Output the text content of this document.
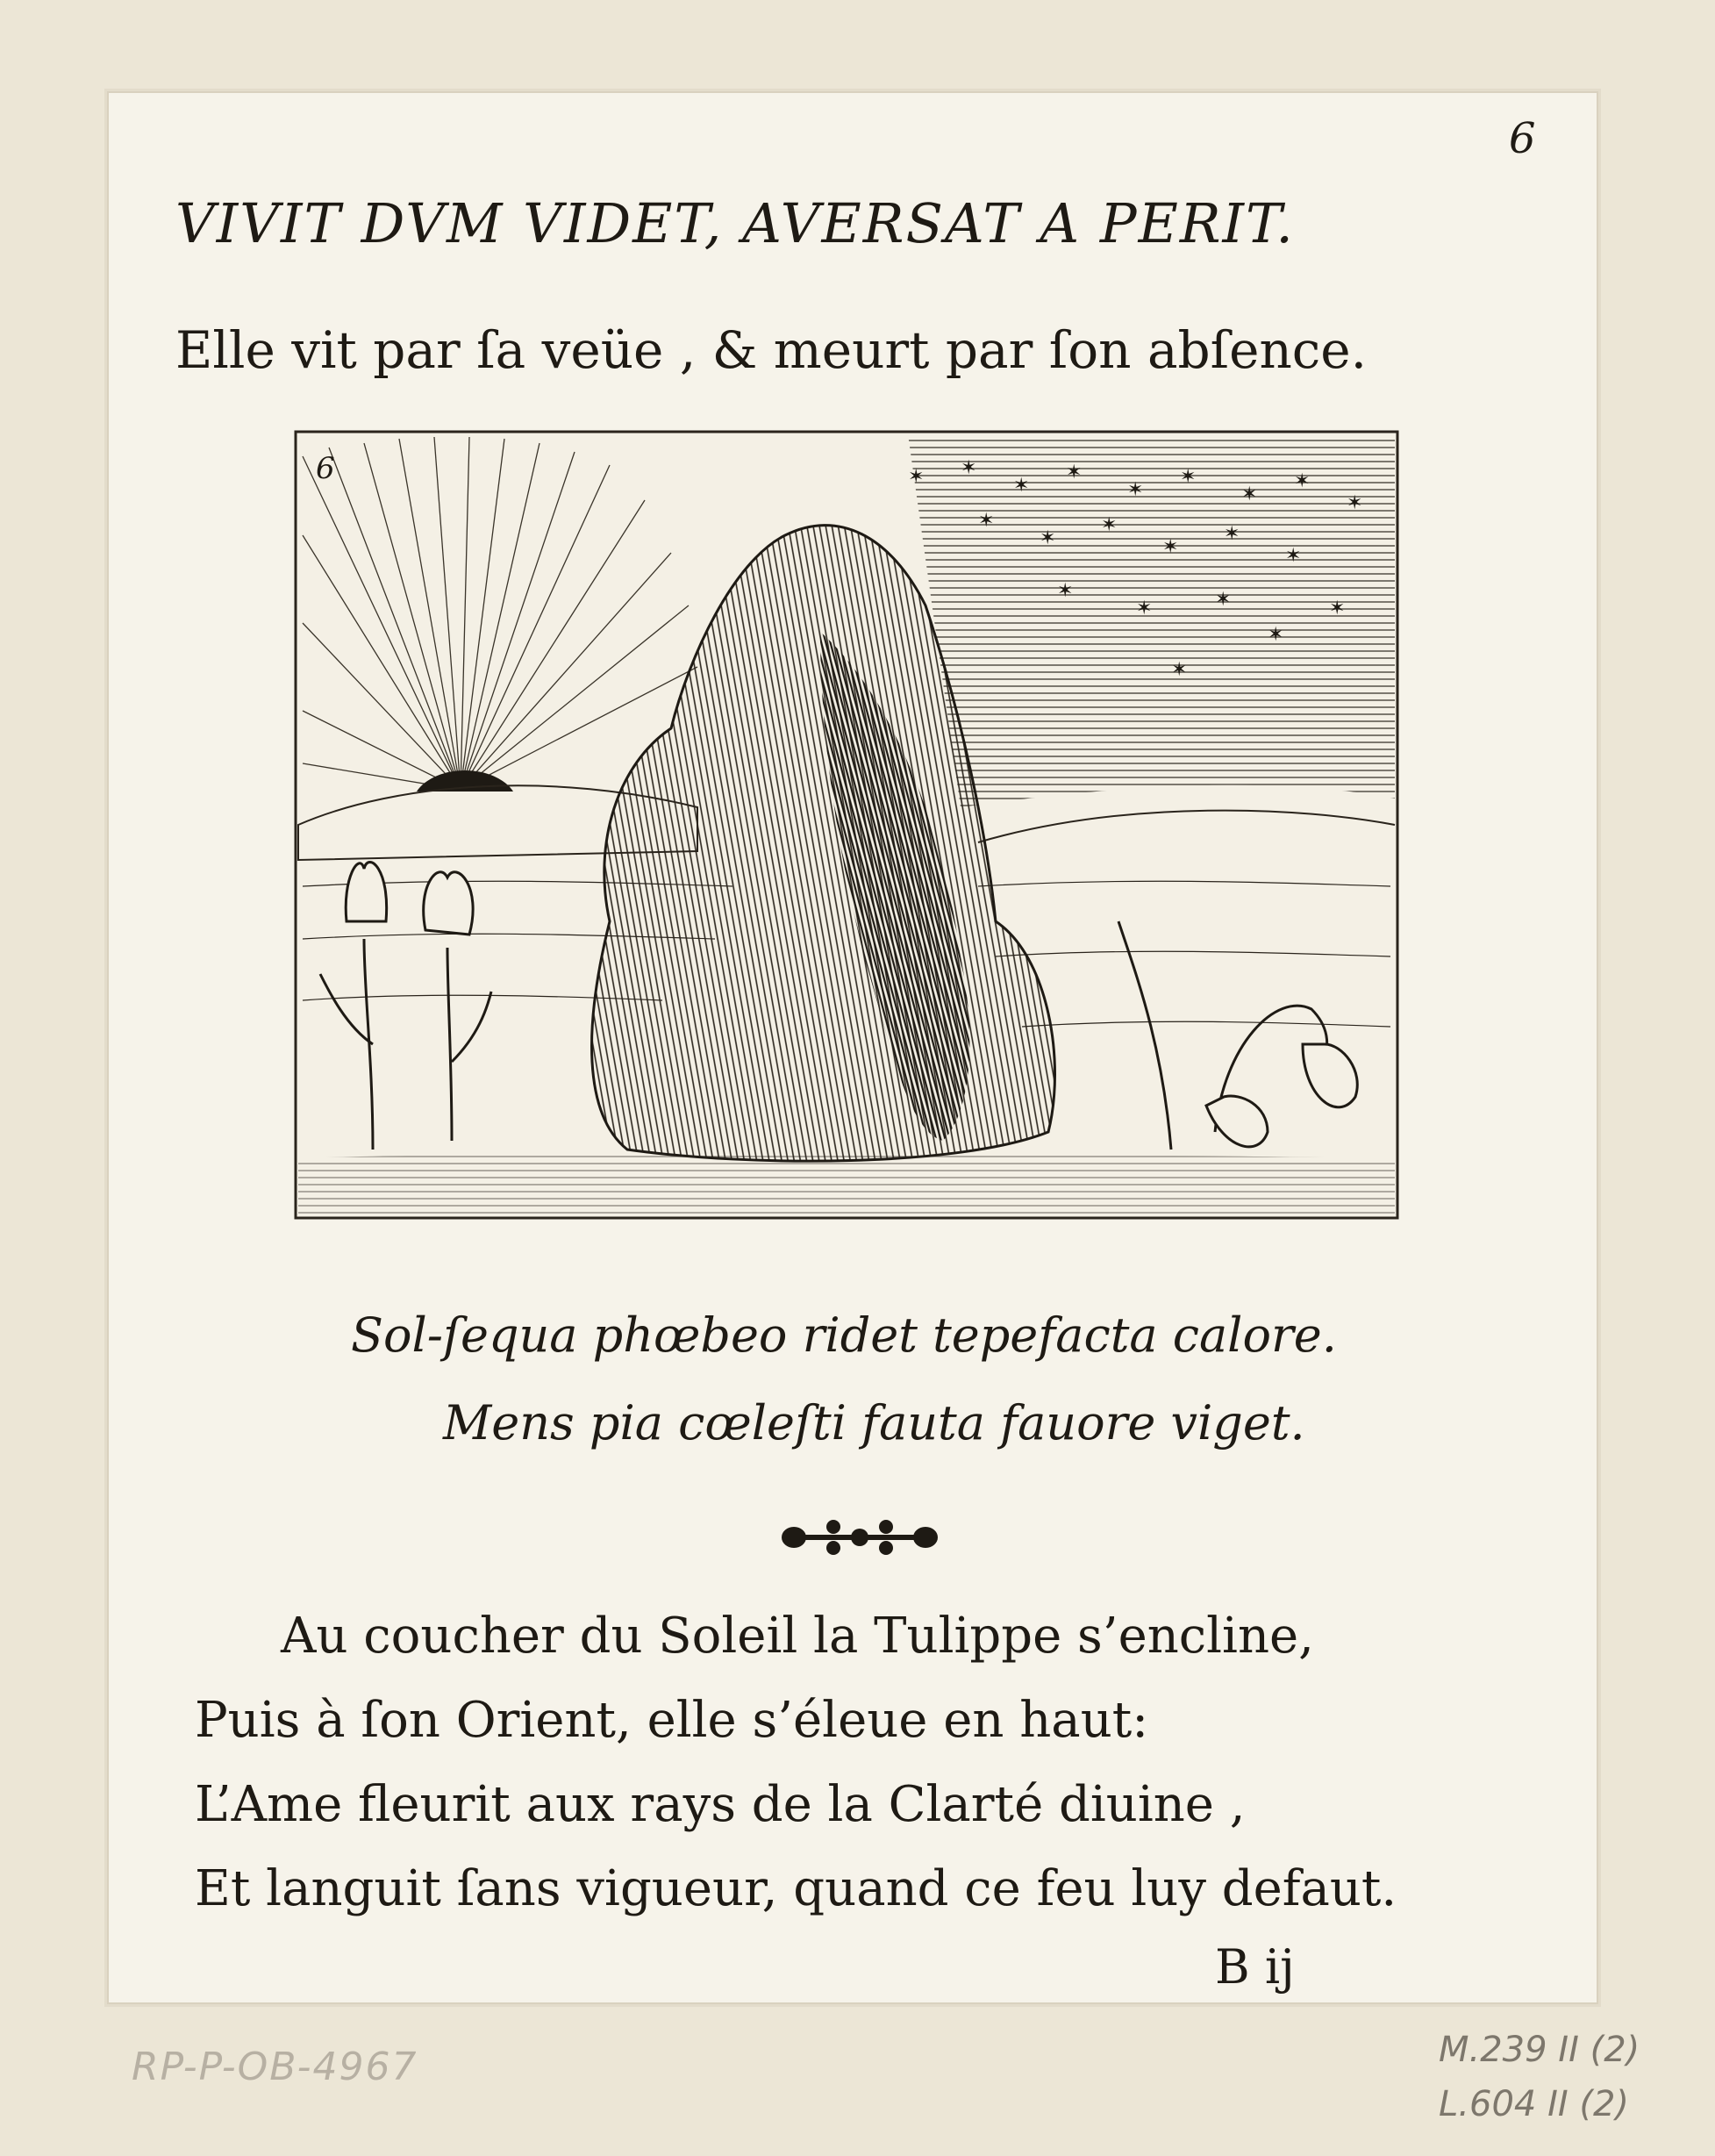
6
VIVIT DVM VIDET, AVERSAT A PERIT.
Elle vit par ſa veüe , & meurt par ſon abſence.
✶ ✶
✶
✶
✶
✶
✶
✶
✶
✶
✶
✶
✶
✶
✶
✶
✶	✶
✶
✶
✶
6
Sol-ſequa phœbeo ridet tepefacta calore.
Mens pia cœleſti fauta fauore viget.
Au coucher du Soleil la Tulippe s’encline,
Puis à ſon Orient, elle s’éleue en haut:
L’Ame fleurit aux rays de la Clarté diuine ,
Et languit ſans vigueur, quand ce feu luy defaut.
B ij
RP-P-OB-4967	M.239 II (2)
L.604 II (2)
